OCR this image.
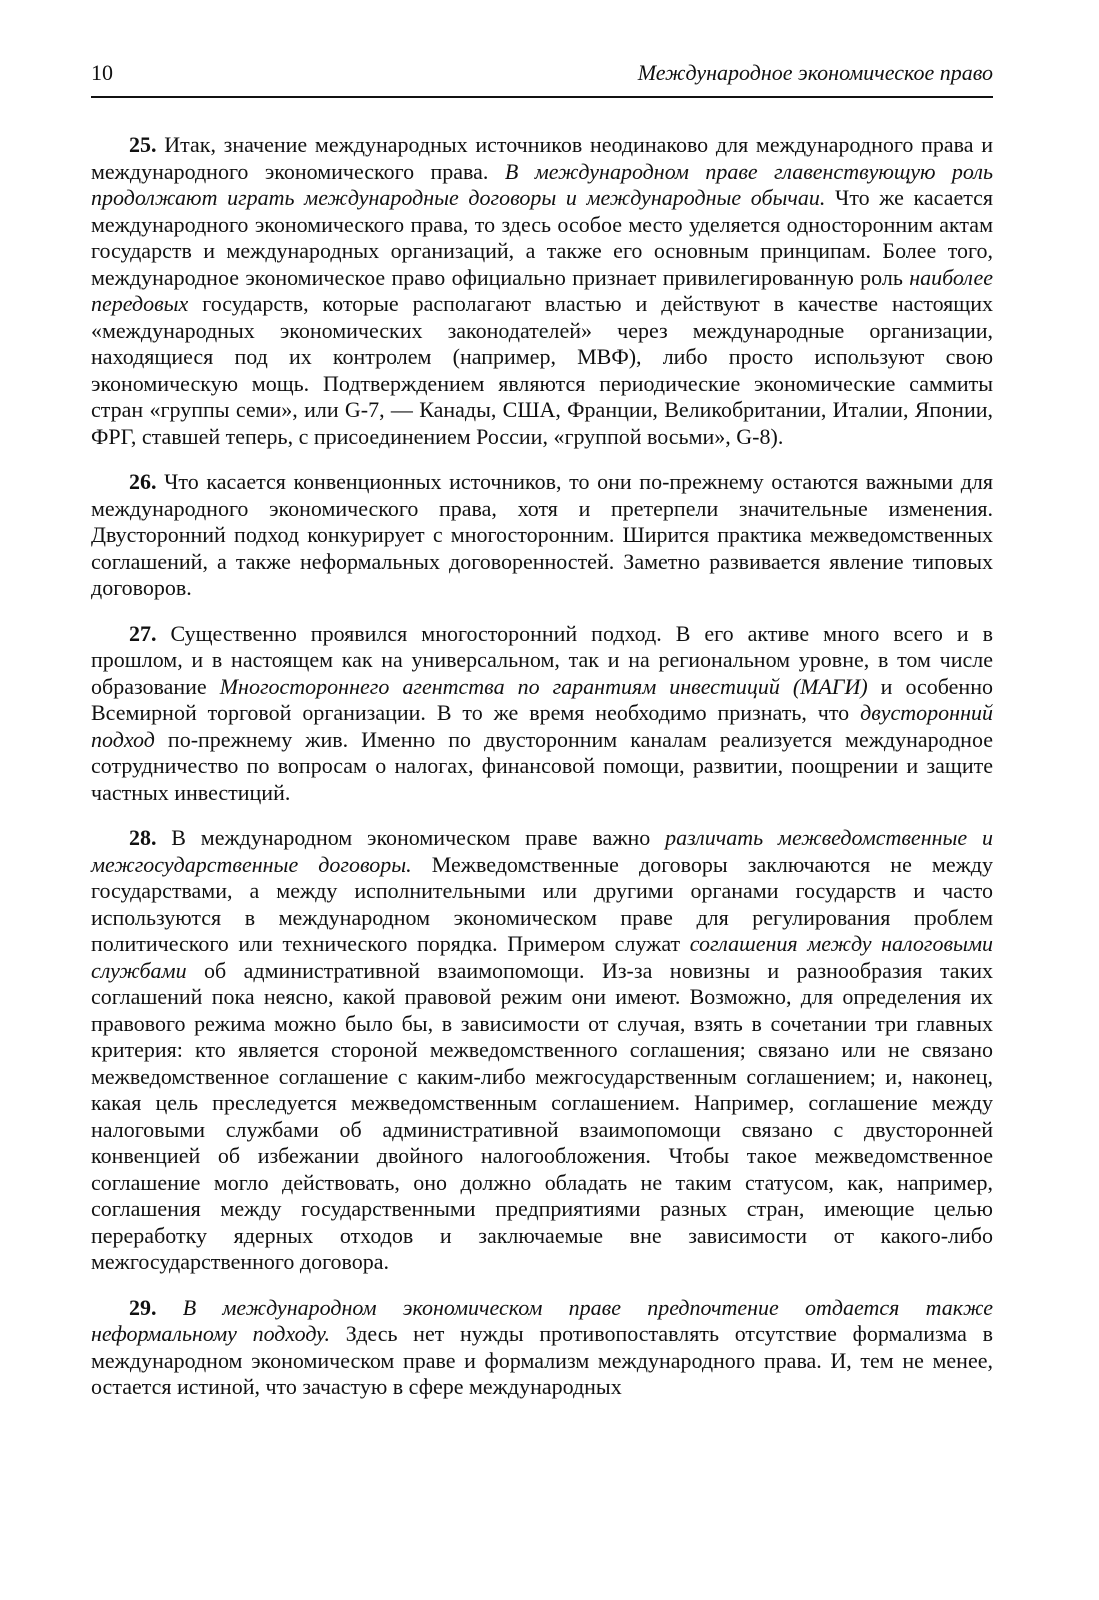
10	Международное экономическое право

25. Итак, значение международных источников неодинаково для международного права и международного экономического права. В международном праве главенствующую роль продолжают играть международные договоры и международные обычаи. Что же касается международного экономического права, то здесь особое место уделяется односторонним актам государств и международных организаций, а также его основным принципам. Более того, международное экономическое право официально признает привилегированную роль наиболее передовых государств, которые располагают властью и действуют в качестве настоящих «международных экономических законодателей» через международные организации, находящиеся под их контролем (например, МВФ), либо просто используют свою экономическую мощь. Подтверждением являются периодические экономические саммиты стран «группы семи», или G-7, — Канады, США, Франции, Великобритании, Италии, Японии, ФРГ, ставшей теперь, с присоединением России, «группой восьми», G-8).

26. Что касается конвенционных источников, то они по-прежнему остаются важными для международного экономического права, хотя и претерпели значительные изменения. Двусторонний подход конкурирует с многосторонним. Ширится практика межведомственных соглашений, а также неформальных договоренностей. Заметно развивается явление типовых договоров.

27. Существенно проявился многосторонний подход. В его активе много всего и в прошлом, и в настоящем как на универсальном, так и на региональном уровне, в том числе образование Многостороннего агентства по гарантиям инвестиций (МАГИ) и особенно Всемирной торговой организации. В то же время необходимо признать, что двусторонний подход по-прежнему жив. Именно по двусторонним каналам реализуется международное сотрудничество по вопросам о налогах, финансовой помощи, развитии, поощрении и защите частных инвестиций.

28. В международном экономическом праве важно различать межведомственные и межгосударственные договоры. Межведомственные договоры заключаются не между государствами, а между исполнительными или другими органами государств и часто используются в международном экономическом праве для регулирования проблем политического или технического порядка. Примером служат соглашения между налоговыми службами об административной взаимопомощи. Из-за новизны и разнообразия таких соглашений пока неясно, какой правовой режим они имеют. Возможно, для определения их правового режима можно было бы, в зависимости от случая, взять в сочетании три главных критерия: кто является стороной межведомственного соглашения; связано или не связано межведомственное соглашение с каким-либо межгосударственным соглашением; и, наконец, какая цель преследуется межведомственным соглашением. Например, соглашение между налоговыми службами об административной взаимопомощи связано с двусторонней конвенцией об избежании двойного налогообложения. Чтобы такое межведомственное соглашение могло действовать, оно должно обладать не таким статусом, как, например, соглашения между государственными предприятиями разных стран, имеющие целью переработку ядерных отходов и заключаемые вне зависимости от какого-либо межгосударственного договора.

29. В международном экономическом праве предпочтение отдается также неформальному подходу. Здесь нет нужды противопоставлять отсутствие формализма в международном экономическом праве и формализм международного права. И, тем не менее, остается истиной, что зачастую в сфере международных
